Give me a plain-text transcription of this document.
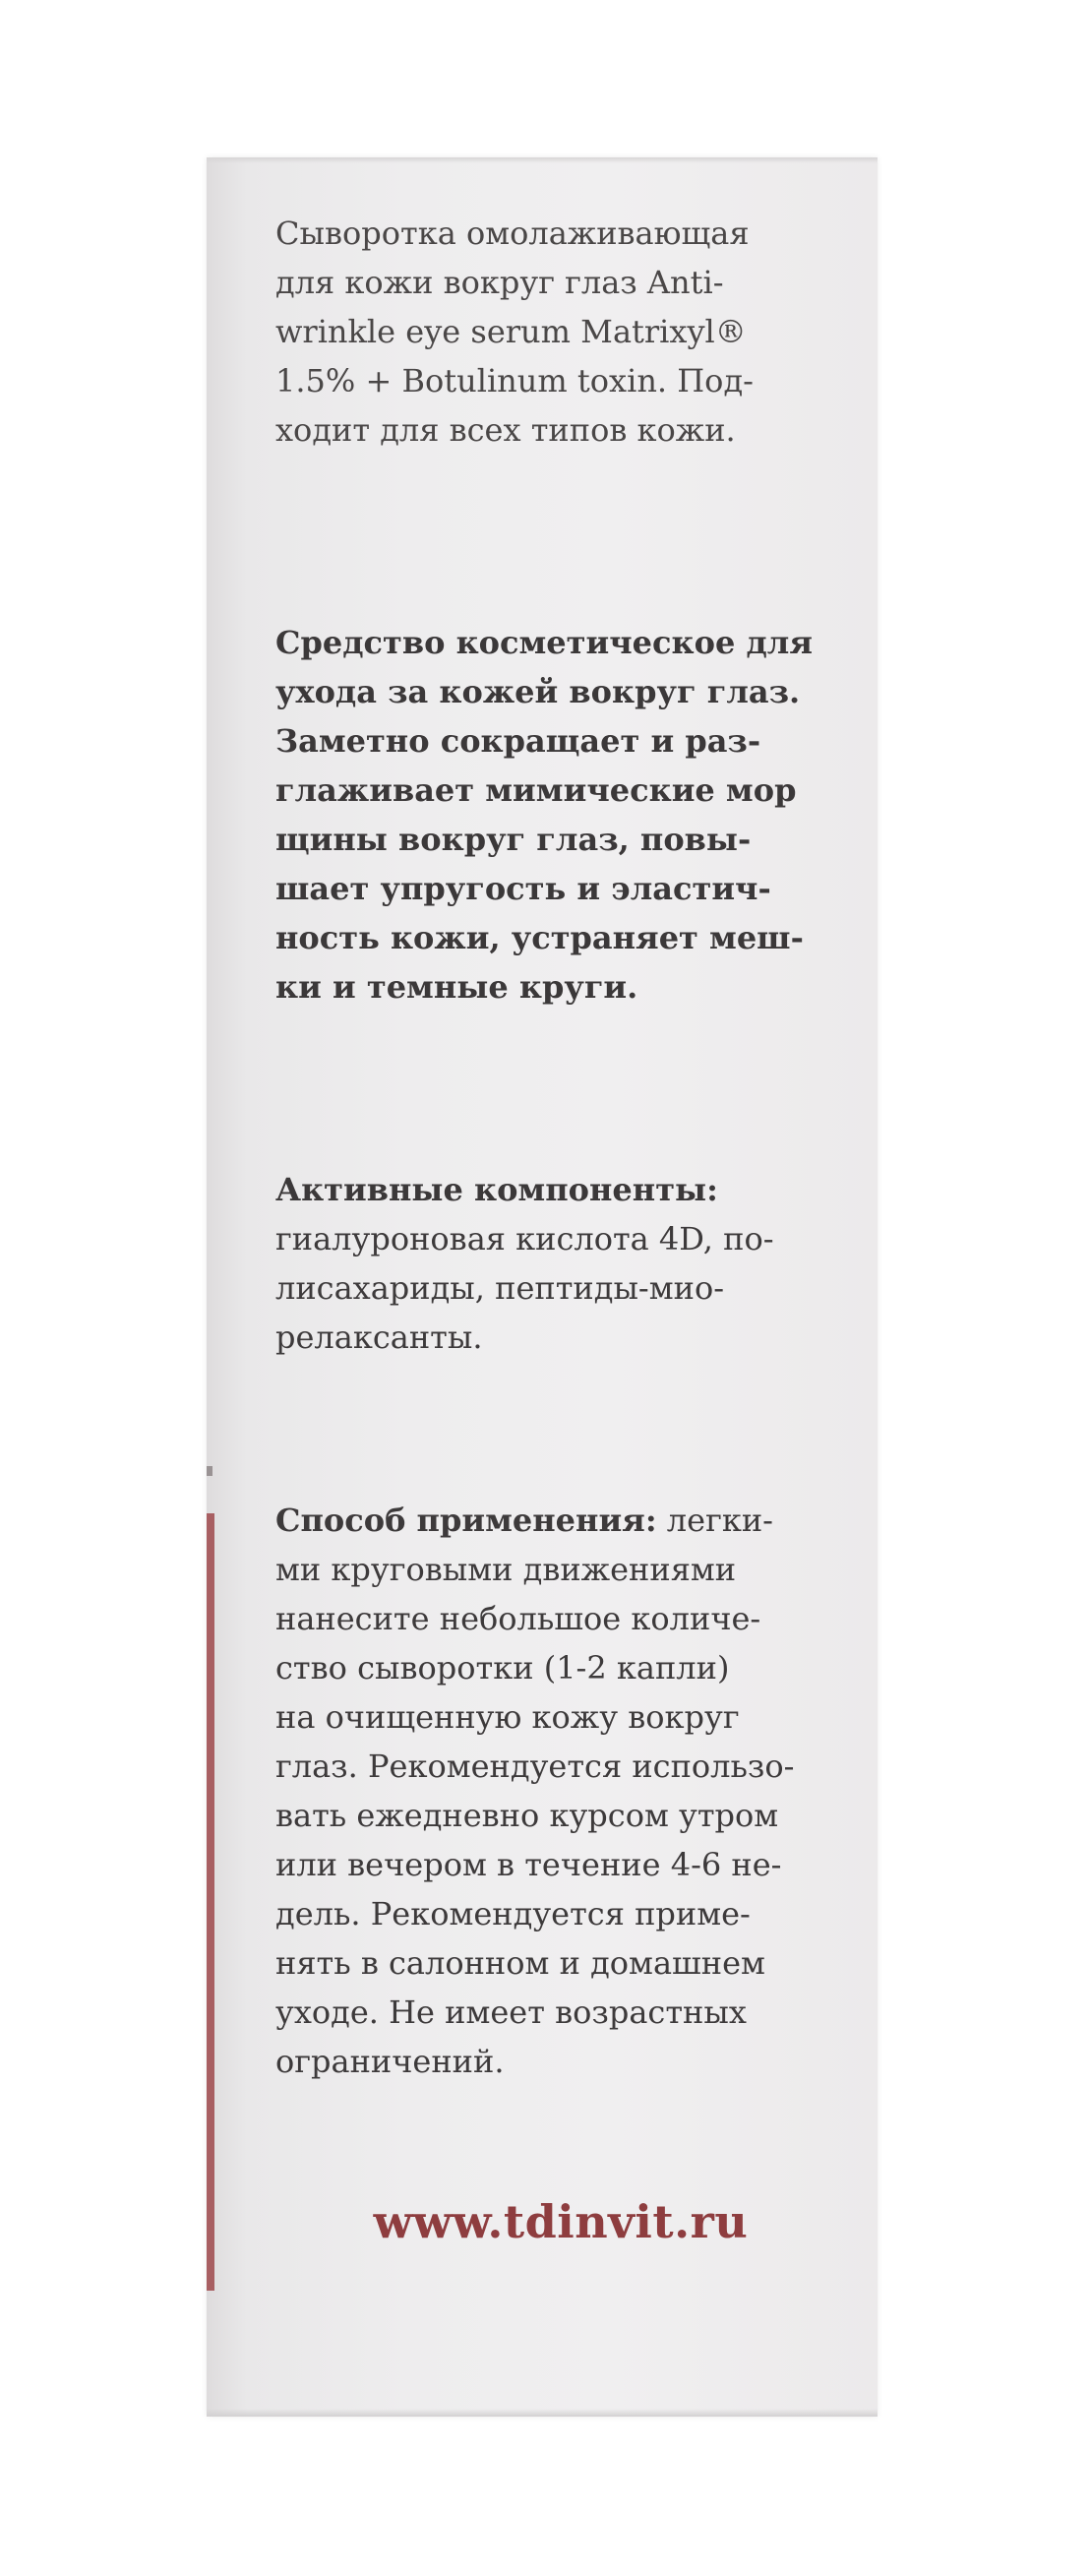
Сыворотка омолаживающая
для кожи вокруг глаз Anti-
wrinkle eye serum Matrixyl®
1.5% + Botulinum toxin. Под-
ходит для всех типов кожи.
Средство косметическое для
ухода за кожей вокруг глаз.
Заметно сокращает и раз-
глаживает мимические мор
щины вокруг глаз, повы-
шает упругость и эластич-
ность кожи, устраняет меш-
ки и темные круги.
Активные компоненты:
гиалуроновая кислота 4D, по-
лисахариды, пептиды-мио-
релаксанты.
Способ применения: легки-
ми круговыми движениями
нанесите небольшое количе-
ство сыворотки (1-2 капли)
на очищенную кожу вокруг
глаз. Рекомендуется использо-
вать ежедневно курсом утром
или вечером в течение 4-6 не-
дель. Рекомендуется приме-
нять в салонном и домашнем
уходе. Не имеет возрастных
ограничений.
www.tdinvit.ru
